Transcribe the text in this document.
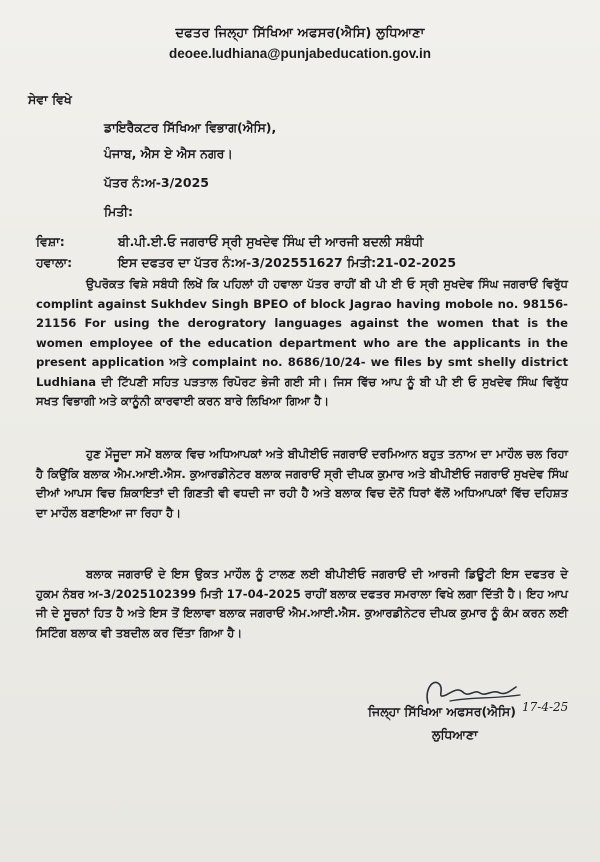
ਦਫਤਰ ਜਿਲ੍ਹਾ ਸਿੱਖਿਆ ਅਫਸਰ(ਐਸਿ) ਲੁਧਿਆਣਾ
deoee.ludhiana@punjabeducation.gov.in
ਸੇਵਾ ਵਿਖੇ
ਡਾਇਰੈਕਟਰ ਸਿੱਖਿਆ ਵਿਭਾਗ(ਐਸਿ),
ਪੰਜਾਬ, ਐਸ ਏ ਐਸ ਨਗਰ।
ਪੱਤਰ ਨੰ:ਅ-3/2025
ਮਿਤੀ:
ਵਿਸ਼ਾ:	ਬੀ.ਪੀ.ਈ.ਓ ਜਗਰਾਓਂ ਸ੍ਰੀ ਸੁਖਦੇਵ ਸਿੰਘ ਦੀ ਆਰਜੀ ਬਦਲੀ ਸਬੰਧੀ
ਹਵਾਲਾ:	ਇਸ ਦਫਤਰ ਦਾ ਪੱਤਰ ਨੰ:ਅ-3/202551627 ਮਿਤੀ:21-02-2025
ਉਪਰੋਕਤ ਵਿਸ਼ੇ ਸਬੰਧੀ ਲਿਖੇਂ ਕਿ ਪਹਿਲਾਂ ਹੀ ਹਵਾਲਾ ਪੱਤਰ ਰਾਹੀਂ ਬੀ ਪੀ ਈ ਓ ਸ੍ਰੀ ਸੁਖਦੇਵ ਸਿੰਘ ਜਗਰਾਓਂ ਵਿਰੁੱਧ complint against Sukhdev Singh BPEO of block Jagrao having mobole no. 98156-21156 For using the derogratory languages against the women that is the women employee of the education department who are the applicants in the present application ਅਤੇ complaint no. 8686/10/24- we files by smt shelly district Ludhiana ਦੀ ਟਿੱਪਣੀ ਸਹਿਤ ਪੜਤਾਲ ਰਿਪੋਰਟ ਭੇਜੀ ਗਈ ਸੀ। ਜਿਸ ਵਿੱਚ ਆਪ ਨੂੰ ਬੀ ਪੀ ਈ ਓ ਸੁਖਦੇਵ ਸਿੰਘ ਵਿਰੁੱਧ ਸਖਤ ਵਿਭਾਗੀ ਅਤੇ ਕਾਨੂੰਨੀ ਕਾਰਵਾਈ ਕਰਨ ਬਾਰੇ ਲਿਖਿਆ ਗਿਆ ਹੈ।
ਹੁਣ ਮੌਜੂਦਾ ਸਮੇਂ ਬਲਾਕ ਵਿਚ ਅਧਿਆਪਕਾਂ ਅਤੇ ਬੀਪੀਈਓ ਜਗਰਾਓਂ ਦਰਮਿਆਨ ਬਹੁਤ ਤਨਾਅ ਦਾ ਮਾਹੌਲ ਚਲ ਰਿਹਾ ਹੈ ਕਿਉਂਕਿ ਬਲਾਕ ਐਮ.ਆਈ.ਐਸ. ਕੁਆਰਡੀਨੇਟਰ ਬਲਾਕ ਜਗਰਾਓਂ ਸ੍ਰੀ ਦੀਪਕ ਕੁਮਾਰ ਅਤੇ ਬੀਪੀਈਓ ਜਗਰਾਓਂ ਸੁਖਦੇਵ ਸਿੰਘ ਦੀਆਂ ਆਪਸ ਵਿਚ ਸ਼ਿਕਾਇਤਾਂ ਦੀ ਗਿਣਤੀ ਵੀ ਵਧਦੀ ਜਾ ਰਹੀ ਹੈ ਅਤੇ ਬਲਾਕ ਵਿਚ ਦੋਨੋਂ ਧਿਰਾਂ ਵੱਲੋਂ ਅਧਿਆਪਕਾਂ ਵਿੱਚ ਦਹਿਸ਼ਤ ਦਾ ਮਾਹੌਲ ਬਣਾਇਆ ਜਾ ਰਿਹਾ ਹੈ।
ਬਲਾਕ ਜਗਰਾਓਂ ਦੇ ਇਸ ਉਕਤ ਮਾਹੌਲ ਨੂੰ ਟਾਲਣ ਲਈ ਬੀਪੀਈਓ ਜਗਰਾਓਂ ਦੀ ਆਰਜੀ ਡਿਊਟੀ ਇਸ ਦਫਤਰ ਦੇ ਹੁਕਮ ਨੰਬਰ ਅ-3/2025102399 ਮਿਤੀ 17-04-2025 ਰਾਹੀਂ ਬਲਾਕ ਦਫਤਰ ਸਮਰਾਲਾ ਵਿਖੇ ਲਗਾ ਦਿੱਤੀ ਹੈ। ਇਹ ਆਪ ਜੀ ਦੇ ਸੂਚਨਾਂ ਹਿਤ ਹੈ ਅਤੇ ਇਸ ਤੋਂ ਇਲਾਵਾ ਬਲਾਕ ਜਗਰਾਓਂ ਐਮ.ਆਈ.ਐਸ. ਕੁਆਰਡੀਨੇਟਰ ਦੀਪਕ ਕੁਮਾਰ ਨੂੰ ਕੰਮ ਕਰਨ ਲਈ ਸਿਟਿੰਗ ਬਲਾਕ ਵੀ ਤਬਦੀਲ ਕਰ ਦਿੱਤਾ ਗਿਆ ਹੈ।
ਜਿਲ੍ਹਾ ਸਿੱਖਿਆ ਅਫਸਰ(ਐਸਿ) 17-4-25
ਲੁਧਿਆਣਾ
